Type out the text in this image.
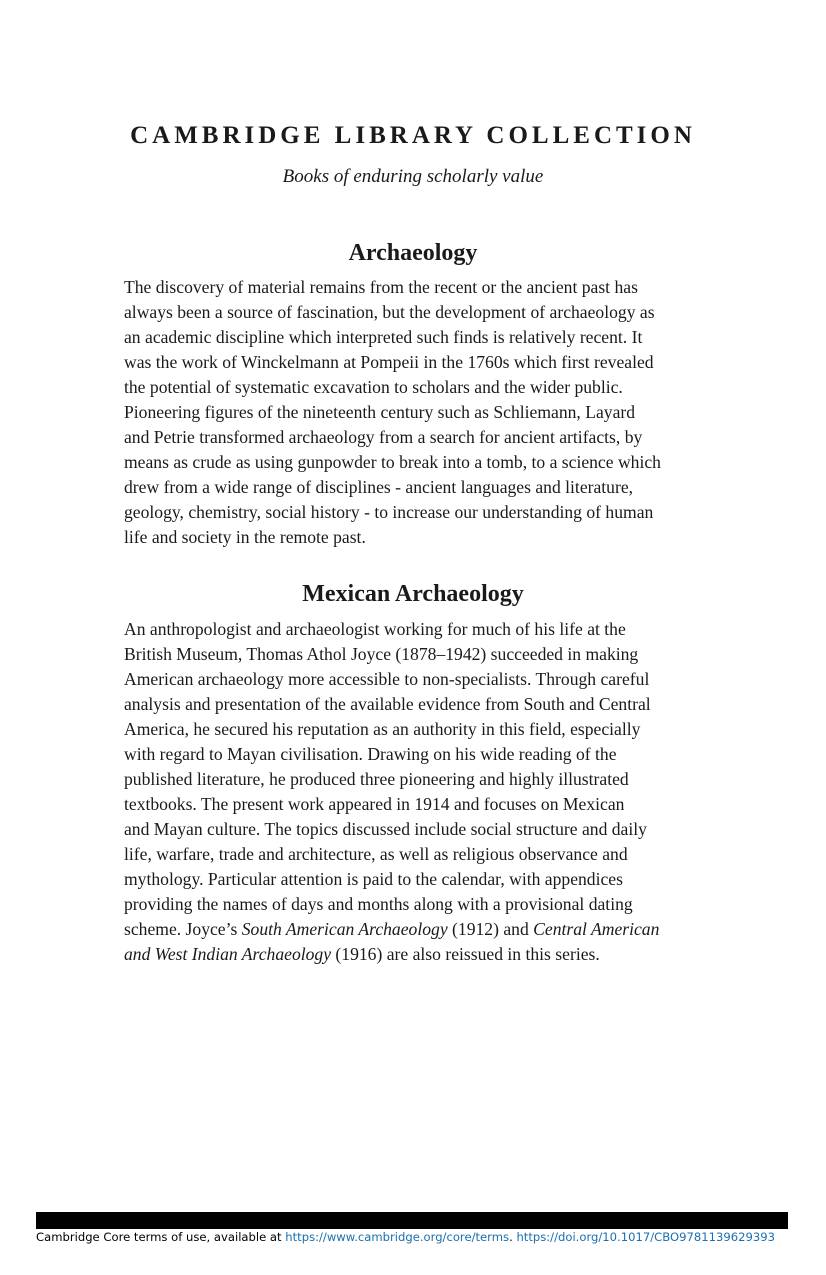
CAMBRIDGE LIBRARY COLLECTION

Books of enduring scholarly value

Archaeology
The discovery of material remains from the recent or the ancient past has
always been a source of fascination, but the development of archaeology as
an academic discipline which interpreted such finds is relatively recent. It
was the work of Winckelmann at Pompeii in the 1760s which first revealed
the potential of systematic excavation to scholars and the wider public.
Pioneering figures of the nineteenth century such as Schliemann, Layard
and Petrie transformed archaeology from a search for ancient artifacts, by
means as crude as using gunpowder to break into a tomb, to a science which
drew from a wide range of disciplines - ancient languages and literature,
geology, chemistry, social history - to increase our understanding of human
life and society in the remote past.
Mexican Archaeology
An anthropologist and archaeologist working for much of his life at the
British Museum, Thomas Athol Joyce (1878–1942) succeeded in making
American archaeology more accessible to non-specialists. Through careful
analysis and presentation of the available evidence from South and Central
America, he secured his reputation as an authority in this field, especially
with regard to Mayan civilisation. Drawing on his wide reading of the
published literature, he produced three pioneering and highly illustrated
textbooks. The present work appeared in 1914 and focuses on Mexican
and Mayan culture. The topics discussed include social structure and daily
life, warfare, trade and architecture, as well as religious observance and
mythology. Particular attention is paid to the calendar, with appendices
providing the names of days and months along with a provisional dating
scheme. Joyce’s South American Archaeology (1912) and Central American
and West Indian Archaeology (1916) are also reissued in this series.
Cambridge Core terms of use, available at https://www.cambridge.org/core/terms. https://doi.org/10.1017/CBO9781139629393
